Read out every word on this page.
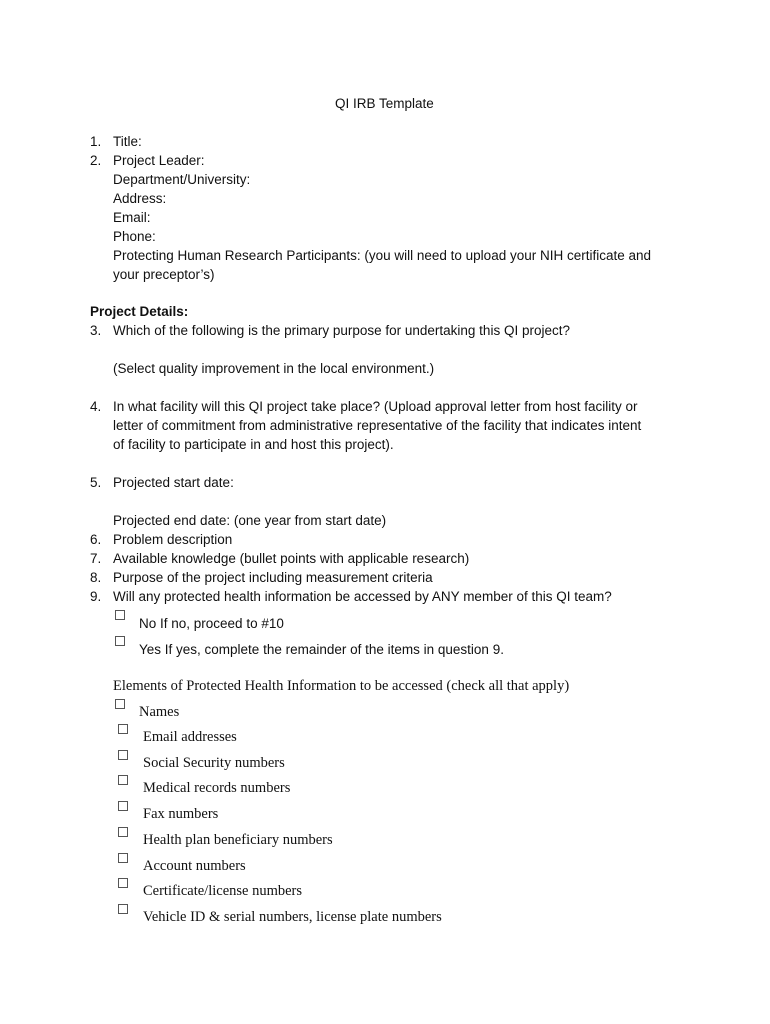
QI IRB Template
1. Title:
2. Project Leader:
Department/University:
Address:
Email:
Phone:
Protecting Human Research Participants: (you will need to upload your NIH certificate and
your preceptor’s)
Project Details:
3. Which of the following is the primary purpose for undertaking this QI project?
(Select quality improvement in the local environment.)
4. In what facility will this QI project take place? (Upload approval letter from host facility or
letter of commitment from administrative representative of the facility that indicates intent
of facility to participate in and host this project).
5. Projected start date:
Projected end date: (one year from start date)
6. Problem description
7. Available knowledge (bullet points with applicable research)
8. Purpose of the project including measurement criteria
9. Will any protected health information be accessed by ANY member of this QI team?
No If no, proceed to #10
Yes If yes, complete the remainder of the items in question 9.
Elements of Protected Health Information to be accessed (check all that apply)
Names
Email addresses
Social Security numbers
Medical records numbers
Fax numbers
Health plan beneficiary numbers
Account numbers
Certificate/license numbers
Vehicle ID & serial numbers, license plate numbers
